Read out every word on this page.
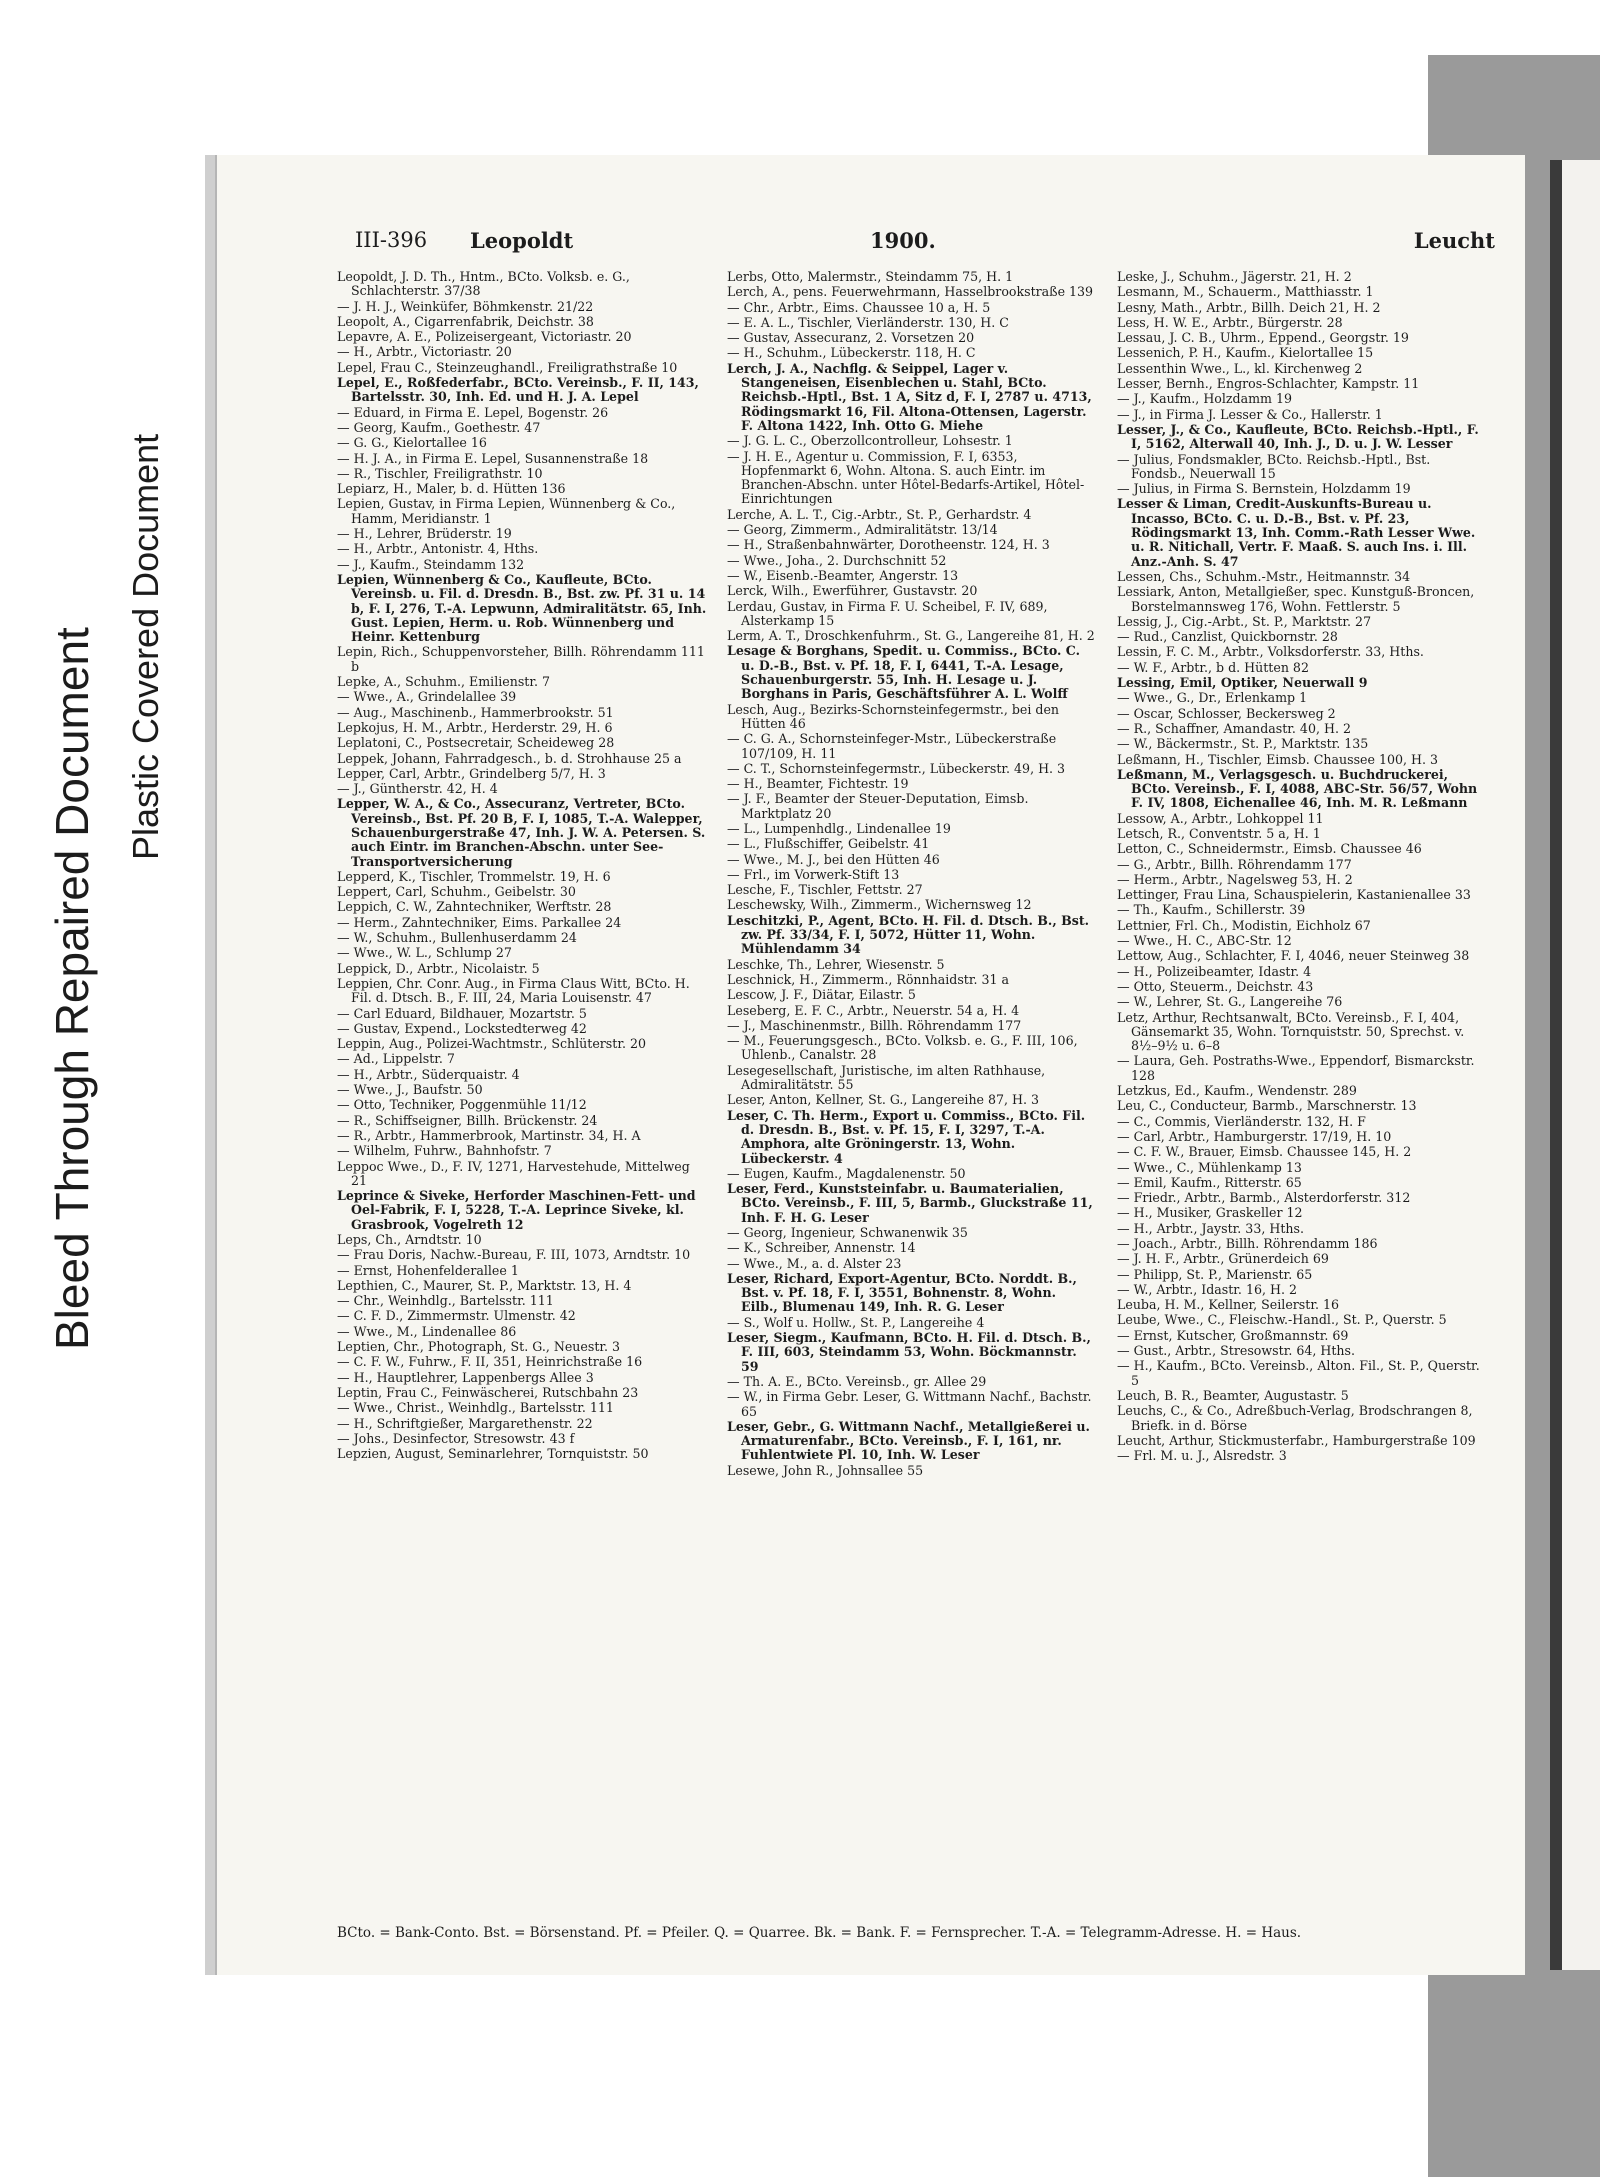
Bleed Through Repaired Document Plastic Covered Document
III-396 Leopoldt	1900.	Leucht
Leopoldt, J. D. Th., Hntm., BCto. Volksb. e. G., Schlachterstr. 37/38
— J. H. J., Weinküfer, Böhmkenstr. 21/22
Leopolt, A., Cigarrenfabrik, Deichstr. 38
Lepavre, A. E., Polizeisergeant, Victoriastr. 20
— H., Arbtr., Victoriastr. 20
Lepel, Frau C., Steinzeughandl., Freiligrathstraße 10
Lepel, E., Roßfederfabr., BCto. Vereinsb., F. II, 143, Bartelsstr. 30, Inh. Ed. und H. J. A. Lepel
— Eduard, in Firma E. Lepel, Bogenstr. 26
— Georg, Kaufm., Goethestr. 47
— G. G., Kielortallee 16
— H. J. A., in Firma E. Lepel, Susannenstraße 18
— R., Tischler, Freiligrathstr. 10
Lepiarz, H., Maler, b. d. Hütten 136
Lepien, Gustav, in Firma Lepien, Wünnenberg & Co., Hamm, Meridianstr. 1
— H., Lehrer, Brüderstr. 19
— H., Arbtr., Antonistr. 4, Hths.
— J., Kaufm., Steindamm 132
Lepien, Wünnenberg & Co., Kaufleute, BCto. Vereinsb. u. Fil. d. Dresdn. B., Bst. zw. Pf. 31 u. 14 b, F. I, 276, T.-A. Lepwunn, Admiralitätstr. 65, Inh. Gust. Lepien, Herm. u. Rob. Wünnenberg und Heinr. Kettenburg
Lepin, Rich., Schuppenvorsteher, Billh. Röhrendamm 111 b
Lepke, A., Schuhm., Emilienstr. 7
— Wwe., A., Grindelallee 39
— Aug., Maschinenb., Hammerbrookstr. 51
Lepkojus, H. M., Arbtr., Herderstr. 29, H. 6
Leplatoni, C., Postsecretair, Scheideweg 28
Leppek, Johann, Fahrradgesch., b. d. Strohhause 25 a
Lepper, Carl, Arbtr., Grindelberg 5/7, H. 3
— J., Güntherstr. 42, H. 4
Lepper, W. A., & Co., Assecuranz, Vertreter, BCto. Vereinsb., Bst. Pf. 20 B, F. I, 1085, T.-A. Walepper, Schauenburgerstraße 47, Inh. J. W. A. Petersen. S. auch Eintr. im Branchen-Abschn. unter See-Transportversicherung
Lepperd, K., Tischler, Trommelstr. 19, H. 6
Leppert, Carl, Schuhm., Geibelstr. 30
Leppich, C. W., Zahntechniker, Werftstr. 28
— Herm., Zahntechniker, Eims. Parkallee 24
— W., Schuhm., Bullenhuserdamm 24
— Wwe., W. L., Schlump 27
Leppick, D., Arbtr., Nicolaistr. 5
Leppien, Chr. Conr. Aug., in Firma Claus Witt, BCto. H. Fil. d. Dtsch. B., F. III, 24, Maria Louisenstr. 47
— Carl Eduard, Bildhauer, Mozartstr. 5
— Gustav, Expend., Lockstedterweg 42
Leppin, Aug., Polizei-Wachtmstr., Schlüterstr. 20
— Ad., Lippelstr. 7
— H., Arbtr., Süderquaistr. 4
— Wwe., J., Baufstr. 50
— Otto, Techniker, Poggenmühle 11/12
— R., Schiffseigner, Billh. Brückenstr. 24
— R., Arbtr., Hammerbrook, Martinstr. 34, H. A
— Wilhelm, Fuhrw., Bahnhofstr. 7
Leppoc Wwe., D., F. IV, 1271, Harvestehude, Mittelweg 21
Leprince & Siveke, Herforder Maschinen-Fett- und Oel-Fabrik, F. I, 5228, T.-A. Leprince Siveke, kl. Grasbrook, Vogelreth 12
Leps, Ch., Arndtstr. 10
— Frau Doris, Nachw.-Bureau, F. III, 1073, Arndtstr. 10
— Ernst, Hohenfelderallee 1
Lepthien, C., Maurer, St. P., Marktstr. 13, H. 4
— Chr., Weinhdlg., Bartelsstr. 111
— C. F. D., Zimmermstr. Ulmenstr. 42
— Wwe., M., Lindenallee 86
Leptien, Chr., Photograph, St. G., Neuestr. 3
— C. F. W., Fuhrw., F. II, 351, Heinrichstraße 16
— H., Hauptlehrer, Lappenbergs Allee 3
Leptin, Frau C., Feinwäscherei, Rutschbahn 23
— Wwe., Christ., Weinhdlg., Bartelsstr. 111
— H., Schriftgießer, Margarethenstr. 22
— Johs., Desinfector, Stresowstr. 43 f
Lepzien, August, Seminarlehrer, Tornquiststr. 50
Lerbs, Otto, Malermstr., Steindamm 75, H. 1
Lerch, A., pens. Feuerwehrmann, Hasselbrookstraße 139
— Chr., Arbtr., Eims. Chaussee 10 a, H. 5
— E. A. L., Tischler, Vierländerstr. 130, H. C
— Gustav, Assecuranz, 2. Vorsetzen 20
— H., Schuhm., Lübeckerstr. 118, H. C
Lerch, J. A., Nachflg. & Seippel, Lager v. Stangeneisen, Eisenblechen u. Stahl, BCto. Reichsb.-Hptl., Bst. 1 A, Sitz d, F. I, 2787 u. 4713, Rödingsmarkt 16, Fil. Altona-Ottensen, Lagerstr. F. Altona 1422, Inh. Otto G. Miehe
— J. G. L. C., Oberzollcontrolleur, Lohsestr. 1
— J. H. E., Agentur u. Commission, F. I, 6353, Hopfenmarkt 6, Wohn. Altona. S. auch Eintr. im Branchen-Abschn. unter Hôtel-Bedarfs-Artikel, Hôtel-Einrichtungen
Lerche, A. L. T., Cig.-Arbtr., St. P., Gerhardstr. 4
— Georg, Zimmerm., Admiralitätstr. 13/14
— H., Straßenbahnwärter, Dorotheenstr. 124, H. 3
— Wwe., Joha., 2. Durchschnitt 52
— W., Eisenb.-Beamter, Angerstr. 13
Lerck, Wilh., Ewerführer, Gustavstr. 20
Lerdau, Gustav, in Firma F. U. Scheibel, F. IV, 689, Alsterkamp 15
Lerm, A. T., Droschkenfuhrm., St. G., Langereihe 81, H. 2
Lesage & Borghans, Spedit. u. Commiss., BCto. C. u. D.-B., Bst. v. Pf. 18, F. I, 6441, T.-A. Lesage, Schauenburgerstr. 55, Inh. H. Lesage u. J. Borghans in Paris, Geschäftsführer A. L. Wolff
Lesch, Aug., Bezirks-Schornsteinfegermstr., bei den Hütten 46
— C. G. A., Schornsteinfeger-Mstr., Lübeckerstraße 107/109, H. 11
— C. T., Schornsteinfegermstr., Lübeckerstr. 49, H. 3
— H., Beamter, Fichtestr. 19
— J. F., Beamter der Steuer-Deputation, Eimsb. Marktplatz 20
— L., Lumpenhdlg., Lindenallee 19
— L., Flußschiffer, Geibelstr. 41
— Wwe., M. J., bei den Hütten 46
— Frl., im Vorwerk-Stift 13
Lesche, F., Tischler, Fettstr. 27
Leschewsky, Wilh., Zimmerm., Wichernsweg 12
Leschitzki, P., Agent, BCto. H. Fil. d. Dtsch. B., Bst. zw. Pf. 33/34, F. I, 5072, Hütter 11, Wohn. Mühlendamm 34
Leschke, Th., Lehrer, Wiesenstr. 5
Leschnick, H., Zimmerm., Rönnhaidstr. 31 a
Lescow, J. F., Diätar, Eilastr. 5
Leseberg, E. F. C., Arbtr., Neuerstr. 54 a, H. 4
— J., Maschinenmstr., Billh. Röhrendamm 177
— M., Feuerungsgesch., BCto. Volksb. e. G., F. III, 106, Uhlenb., Canalstr. 28
Lesegesellschaft, Juristische, im alten Rathhause, Admiralitätstr. 55
Leser, Anton, Kellner, St. G., Langereihe 87, H. 3
Leser, C. Th. Herm., Export u. Commiss., BCto. Fil. d. Dresdn. B., Bst. v. Pf. 15, F. I, 3297, T.-A. Amphora, alte Gröningerstr. 13, Wohn. Lübeckerstr. 4
— Eugen, Kaufm., Magdalenenstr. 50
Leser, Ferd., Kunststeinfabr. u. Baumaterialien, BCto. Vereinsb., F. III, 5, Barmb., Gluckstraße 11, Inh. F. H. G. Leser
— Georg, Ingenieur, Schwanenwik 35
— K., Schreiber, Annenstr. 14
— Wwe., M., a. d. Alster 23
Leser, Richard, Export-Agentur, BCto. Norddt. B., Bst. v. Pf. 18, F. I, 3551, Bohnenstr. 8, Wohn. Eilb., Blumenau 149, Inh. R. G. Leser
— S., Wolf u. Hollw., St. P., Langereihe 4
Leser, Siegm., Kaufmann, BCto. H. Fil. d. Dtsch. B., F. III, 603, Steindamm 53, Wohn. Böckmannstr. 59
— Th. A. E., BCto. Vereinsb., gr. Allee 29
— W., in Firma Gebr. Leser, G. Wittmann Nachf., Bachstr. 65
Leser, Gebr., G. Wittmann Nachf., Metallgießerei u. Armaturenfabr., BCto. Vereinsb., F. I, 161, nr. Fuhlentwiete Pl. 10, Inh. W. Leser
Lesewe, John R., Johnsallee 55
Leske, J., Schuhm., Jägerstr. 21, H. 2
Lesmann, M., Schauerm., Matthiasstr. 1
Lesny, Math., Arbtr., Billh. Deich 21, H. 2
Less, H. W. E., Arbtr., Bürgerstr. 28
Lessau, J. C. B., Uhrm., Eppend., Georgstr. 19
Lessenich, P. H., Kaufm., Kielortallee 15
Lessenthin Wwe., L., kl. Kirchenweg 2
Lesser, Bernh., Engros-Schlachter, Kampstr. 11
— J., Kaufm., Holzdamm 19
— J., in Firma J. Lesser & Co., Hallerstr. 1
Lesser, J., & Co., Kaufleute, BCto. Reichsb.-Hptl., F. I, 5162, Alterwall 40, Inh. J., D. u. J. W. Lesser
— Julius, Fondsmakler, BCto. Reichsb.-Hptl., Bst. Fondsb., Neuerwall 15
— Julius, in Firma S. Bernstein, Holzdamm 19
Lesser & Liman, Credit-Auskunfts-Bureau u. Incasso, BCto. C. u. D.-B., Bst. v. Pf. 23, Rödingsmarkt 13, Inh. Comm.-Rath Lesser Wwe. u. R. Nitichall, Vertr. F. Maaß. S. auch Ins. i. Ill. Anz.-Anh. S. 47
Lessen, Chs., Schuhm.-Mstr., Heitmannstr. 34
Lessiark, Anton, Metallgießer, spec. Kunstguß-Broncen, Borstelmannsweg 176, Wohn. Fettlerstr. 5
Lessig, J., Cig.-Arbt., St. P., Marktstr. 27
— Rud., Canzlist, Quickbornstr. 28
Lessin, F. C. M., Arbtr., Volksdorferstr. 33, Hths.
— W. F., Arbtr., b d. Hütten 82
Lessing, Emil, Optiker, Neuerwall 9
— Wwe., G., Dr., Erlenkamp 1
— Oscar, Schlosser, Beckersweg 2
— R., Schaffner, Amandastr. 40, H. 2
— W., Bäckermstr., St. P., Marktstr. 135
Leßmann, H., Tischler, Eimsb. Chaussee 100, H. 3
Leßmann, M., Verlagsgesch. u. Buchdruckerei, BCto. Vereinsb., F. I, 4088, ABC-Str. 56/57, Wohn F. IV, 1808, Eichenallee 46, Inh. M. R. Leßmann
Lessow, A., Arbtr., Lohkoppel 11
Letsch, R., Conventstr. 5 a, H. 1
Letton, C., Schneidermstr., Eimsb. Chaussee 46
— G., Arbtr., Billh. Röhrendamm 177
— Herm., Arbtr., Nagelsweg 53, H. 2
Lettinger, Frau Lina, Schauspielerin, Kastanienallee 33
— Th., Kaufm., Schillerstr. 39
Lettnier, Frl. Ch., Modistin, Eichholz 67
— Wwe., H. C., ABC-Str. 12
Lettow, Aug., Schlachter, F. I, 4046, neuer Steinweg 38
— H., Polizeibeamter, Idastr. 4
— Otto, Steuerm., Deichstr. 43
— W., Lehrer, St. G., Langereihe 76
Letz, Arthur, Rechtsanwalt, BCto. Vereinsb., F. I, 404, Gänsemarkt 35, Wohn. Tornquiststr. 50, Sprechst. v. 8½–9½ u. 6–8
— Laura, Geh. Postraths-Wwe., Eppendorf, Bismarckstr. 128
Letzkus, Ed., Kaufm., Wendenstr. 289
Leu, C., Conducteur, Barmb., Marschnerstr. 13
— C., Commis, Vierländerstr. 132, H. F
— Carl, Arbtr., Hamburgerstr. 17/19, H. 10
— C. F. W., Brauer, Eimsb. Chaussee 145, H. 2
— Wwe., C., Mühlenkamp 13
— Emil, Kaufm., Ritterstr. 65
— Friedr., Arbtr., Barmb., Alsterdorferstr. 312
— H., Musiker, Graskeller 12
— H., Arbtr., Jaystr. 33, Hths.
— Joach., Arbtr., Billh. Röhrendamm 186
— J. H. F., Arbtr., Grünerdeich 69
— Philipp, St. P., Marienstr. 65
— W., Arbtr., Idastr. 16, H. 2
Leuba, H. M., Kellner, Seilerstr. 16
Leube, Wwe., C., Fleischw.-Handl., St. P., Querstr. 5
— Ernst, Kutscher, Großmannstr. 69
— Gust., Arbtr., Stresowstr. 64, Hths.
— H., Kaufm., BCto. Vereinsb., Alton. Fil., St. P., Querstr. 5
Leuch, B. R., Beamter, Augustastr. 5
Leuchs, C., & Co., Adreßbuch-Verlag, Brodschrangen 8, Briefk. in d. Börse
Leucht, Arthur, Stickmusterfabr., Hamburgerstraße 109
— Frl. M. u. J., Alsredstr. 3
BCto. = Bank-Conto. Bst. = Börsenstand. Pf. = Pfeiler. Q. = Quarree. Bk. = Bank. F. = Fernsprecher. T.-A. = Telegramm-Adresse. H. = Haus.
